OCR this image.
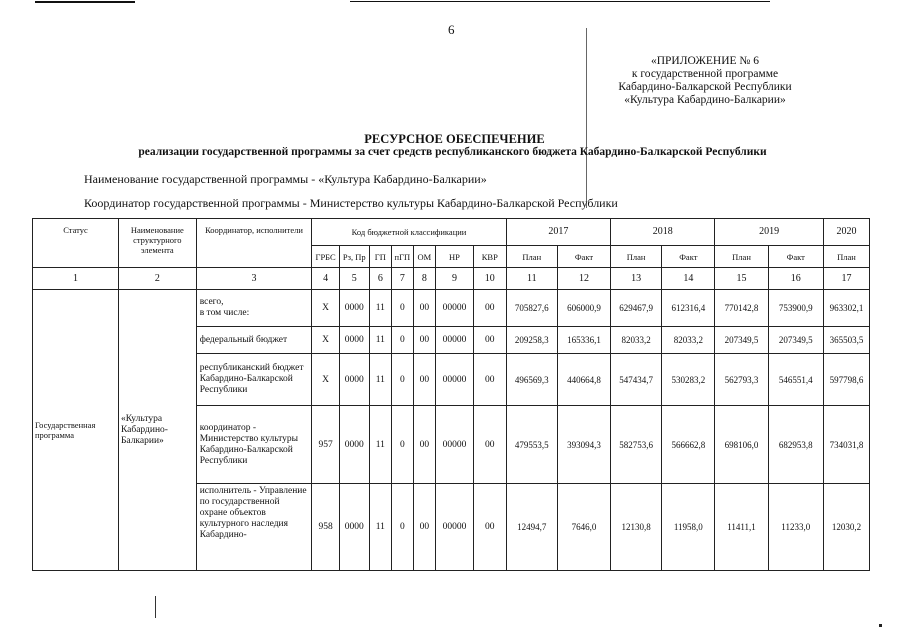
6
«ПРИЛОЖЕНИЕ № 6
к государственной программе
Кабардино-Балкарской Республики
«Культура Кабардино-Балкарии»
РЕСУРСНОЕ ОБЕСПЕЧЕНИЕ
реализации государственной программы за счет средств республиканского бюджета Кабардино-Балкарской Республики
Наименование государственной программы - «Культура Кабардино-Балкарии»
Координатор государственной программы - Министерство культуры Кабардино-Балкарской Республики
Статус	Наименование структурного элемента	Координатор, исполнители	Код бюджетной классификации							2017		2018		2019		2020
			ГРБС	Рз, Пр	ГП	пГП	ОМ	НР	КВР	План	Факт	План	Факт	План	Факт	План
1	2	3	4	5	6	7	8	9	10	11	12	13	14	15	16	17
Государственная программа	«Культура Кабардино-Балкарии»	всего,
в том числе:	Х	0000	11	0	00	00000	00	705827,6	606000,9	629467,9	612316,4	770142,8	753900,9	963302,1
		федеральный бюджет	Х	0000	11	0	00	00000	00	209258,3	165336,1	82033,2	82033,2	207349,5	207349,5	365503,5
		республиканский бюджет Кабардино-Балкарской Республики	Х	0000	11	0	00	00000	00	496569,3	440664,8	547434,7	530283,2	562793,3	546551,4	597798,6
		координатор - Министерство культуры Кабардино-Балкарской Республики	957	0000	11	0	00	00000	00	479553,5	393094,3	582753,6	566662,8	698106,0	682953,8	734031,8
		исполнитель - Управление по государственной охране объектов культурного наследия Кабардино-	958	0000	11	0	00	00000	00	12494,7	7646,0	12130,8	11958,0	11411,1	11233,0	12030,2
